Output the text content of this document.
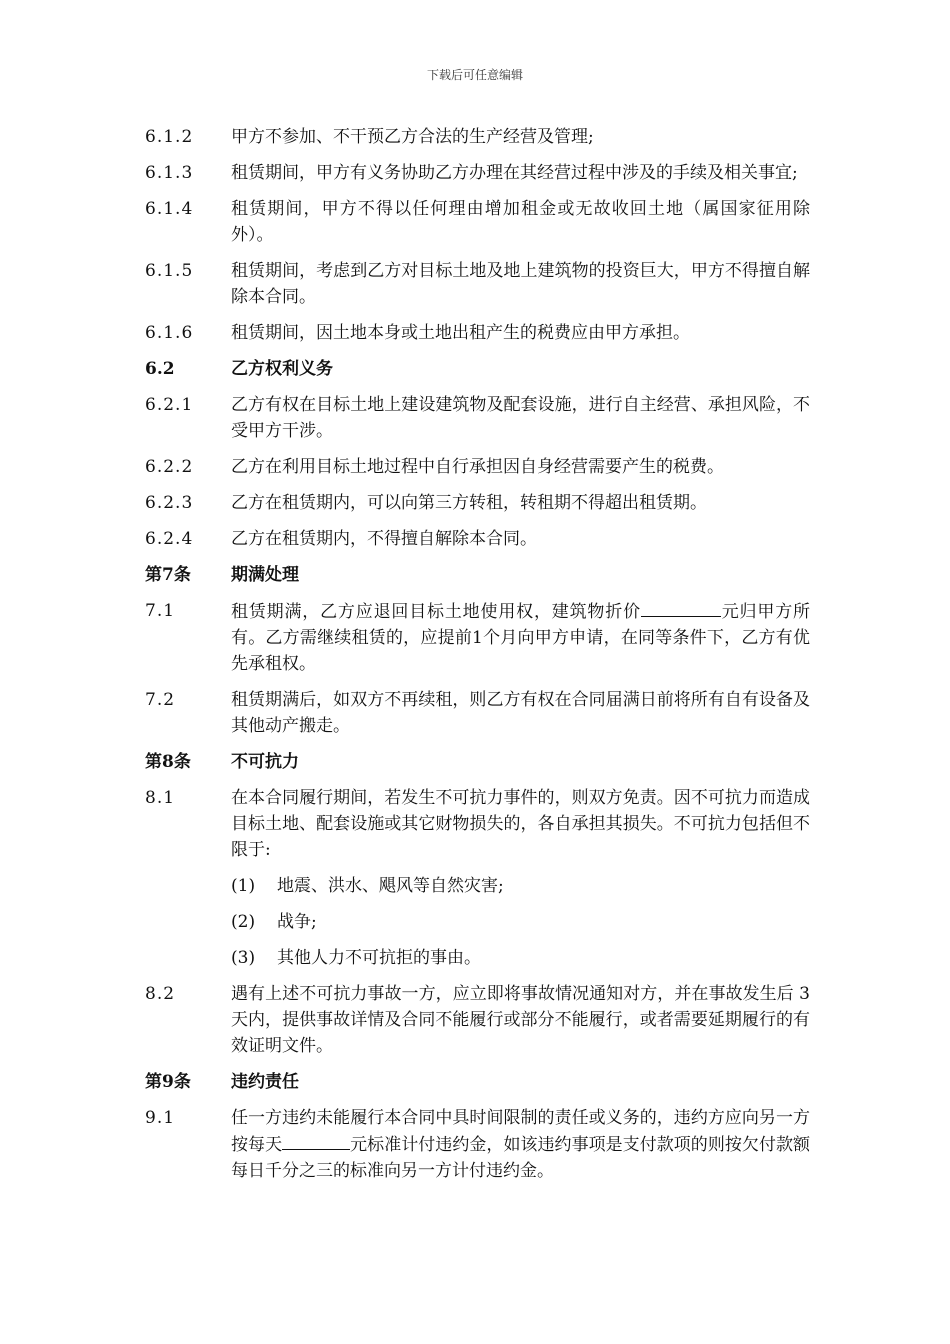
下载后可任意编辑
6.1.2	甲方不参加、不干预乙方合法的生产经营及管理;
6.1.3	租赁期间，甲方有义务协助乙方办理在其经营过程中涉及的手续及相关事宜;
6.1.4	租赁期间，甲方不得以任何理由增加租金或无故收回土地（属国家征用除外）。
6.1.5	租赁期间，考虑到乙方对目标土地及地上建筑物的投资巨大，甲方不得擅自解除本合同。
6.1.6	租赁期间，因土地本身或土地出租产生的税费应由甲方承担。
6.2	乙方权利义务
6.2.1	乙方有权在目标土地上建设建筑物及配套设施，进行自主经营、承担风险，不受甲方干涉。
6.2.2	乙方在利用目标土地过程中自行承担因自身经营需要产生的税费。
6.2.3	乙方在租赁期内，可以向第三方转租，转租期不得超出租赁期。
6.2.4	乙方在租赁期内，不得擅自解除本合同。
第7条	期满处理
7.1	租赁期满，乙方应退回目标土地使用权，建筑物折价	元归甲方所有。乙方需继续租赁的，应提前1个月向甲方申请，在同等条件下，乙方有优先承租权。
7.2	租赁期满后，如双方不再续租，则乙方有权在合同届满日前将所有自有设备及其他动产搬走。
第8条	不可抗力
8.1	在本合同履行期间，若发生不可抗力事件的，则双方免责。因不可抗力而造成目标土地、配套设施或其它财物损失的，各自承担其损失。不可抗力包括但不限于:
(1)	地震、洪水、飓风等自然灾害;
(2)	战争;
(3)	其他人力不可抗拒的事由。
8.2	遇有上述不可抗力事故一方，应立即将事故情况通知对方，并在事故发生后 3 天内，提供事故详情及合同不能履行或部分不能履行，或者需要延期履行的有效证明文件。
第9条	违约责任
9.1	任一方违约未能履行本合同中具时间限制的责任或义务的，违约方应向另一方按每天	元标准计付违约金，如该违约事项是支付款项的则按欠付款额每日千分之三的标准向另一方计付违约金。
